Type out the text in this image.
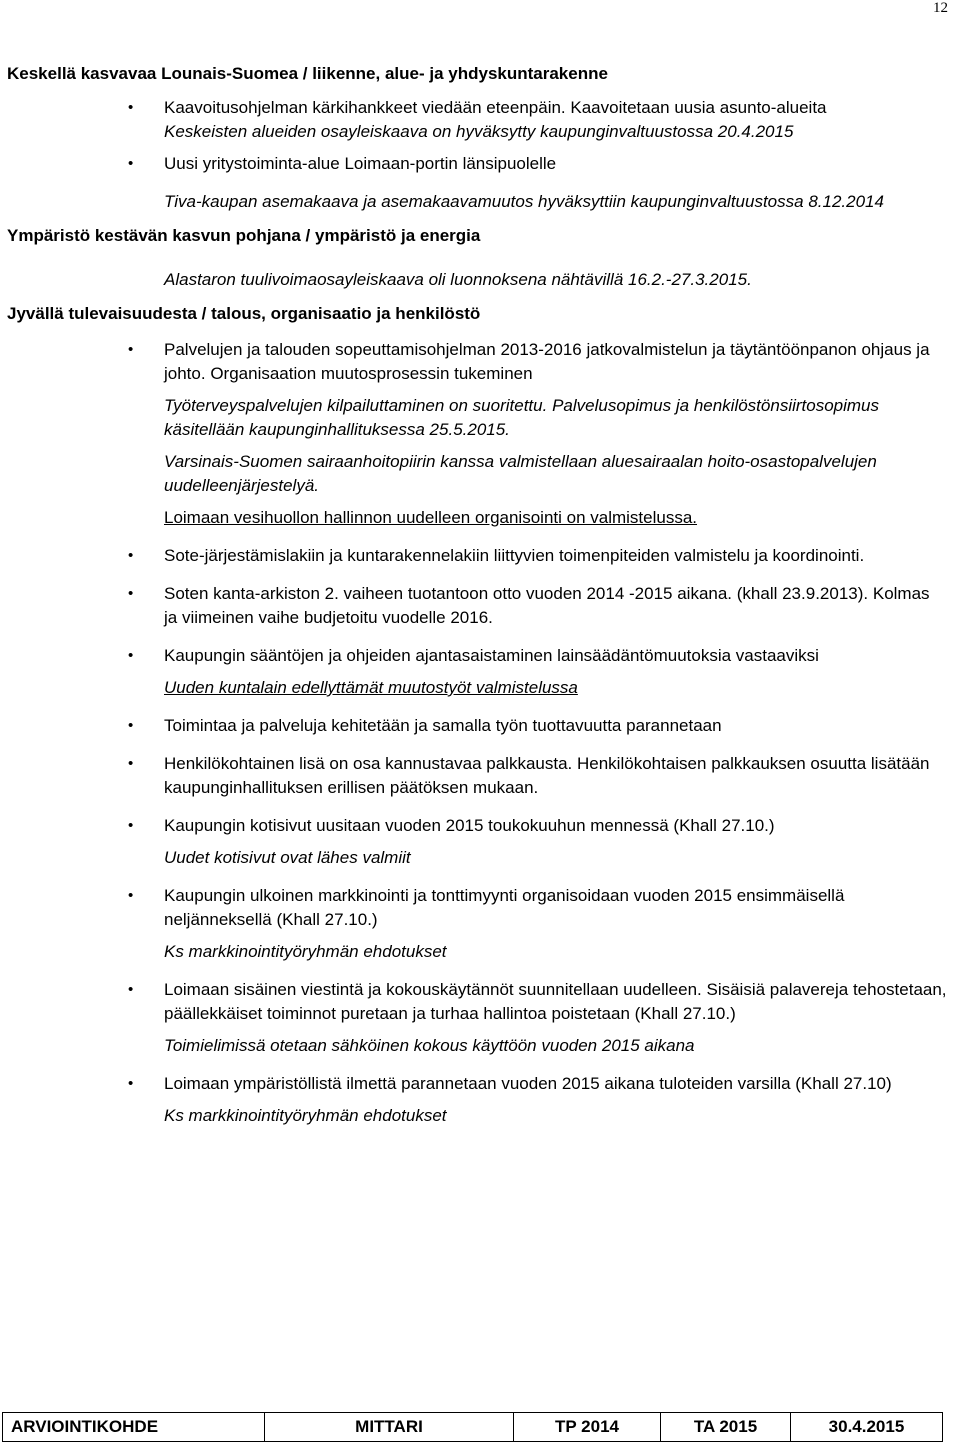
12
Keskellä kasvavaa Lounais-Suomea / liikenne, alue- ja yhdyskuntarakenne
• Kaavoitusohjelman kärkihankkeet viedään eteenpäin. Kaavoitetaan uusia asunto-alueita
Keskeisten alueiden osayleiskaava on hyväksytty kaupunginvaltuustossa 20.4.2015
• Uusi yritystoiminta-alue Loimaan-portin länsipuolelle
Tiva-kaupan asemakaava ja asemakaavamuutos hyväksyttiin kaupunginvaltuustossa 8.12.2014
Ympäristö kestävän kasvun pohjana / ympäristö ja energia
Alastaron tuulivoimaosayleiskaava oli luonnoksena nähtävillä 16.2.-27.3.2015.
Jyvällä tulevaisuudesta / talous, organisaatio ja henkilöstö
• Palvelujen ja talouden sopeuttamisohjelman 2013-2016 jatkovalmistelun ja täytäntöönpanon ohjaus ja johto. Organisaation muutosprosessin tukeminen
Työterveyspalvelujen kilpailuttaminen on suoritettu. Palvelusopimus ja henkilöstönsiirtosopimus käsitellään kaupunginhallituksessa 25.5.2015.
Varsinais-Suomen sairaanhoitopiirin kanssa valmistellaan aluesairaalan hoito-osastopalvelujen uudelleenjärjestelyä.
Loimaan vesihuollon hallinnon uudelleen organisointi on valmistelussa.
• Sote-järjestämislakiin ja kuntarakennelakiin liittyvien toimenpiteiden valmistelu ja koordinointi.
• Soten kanta-arkiston 2. vaiheen tuotantoon otto vuoden 2014 -2015 aikana. (khall 23.9.2013). Kolmas ja viimeinen vaihe budjetoitu vuodelle 2016.
• Kaupungin sääntöjen ja ohjeiden ajantasaistaminen lainsäädäntömuutoksia vastaaviksi
Uuden kuntalain edellyttämät muutostyöt valmistelussa
• Toimintaa ja palveluja kehitetään ja samalla työn tuottavuutta parannetaan
• Henkilökohtainen lisä on osa kannustavaa palkkausta. Henkilökohtaisen palkkauksen osuutta lisätään kaupunginhallituksen erillisen päätöksen mukaan.
• Kaupungin kotisivut uusitaan vuoden 2015 toukokuuhun mennessä (Khall 27.10.)
Uudet kotisivut ovat lähes valmiit
• Kaupungin ulkoinen markkinointi ja tonttimyynti organisoidaan vuoden 2015 ensimmäisellä neljänneksellä (Khall 27.10.)
Ks markkinointityöryhmän ehdotukset
• Loimaan sisäinen viestintä ja kokouskäytännöt suunnitellaan uudelleen. Sisäisiä palavereja tehostetaan, päällekkäiset toiminnot puretaan ja turhaa hallintoa poistetaan (Khall 27.10.)
Toimielimissä otetaan sähköinen kokous käyttöön vuoden 2015 aikana
• Loimaan ympäristöllistä ilmettä parannetaan vuoden 2015 aikana tuloteiden varsilla (Khall 27.10)
Ks markkinointityöryhmän ehdotukset
ARVIOINTIKOHDE	MITTARI	TP 2014	TA 2015	30.4.2015
